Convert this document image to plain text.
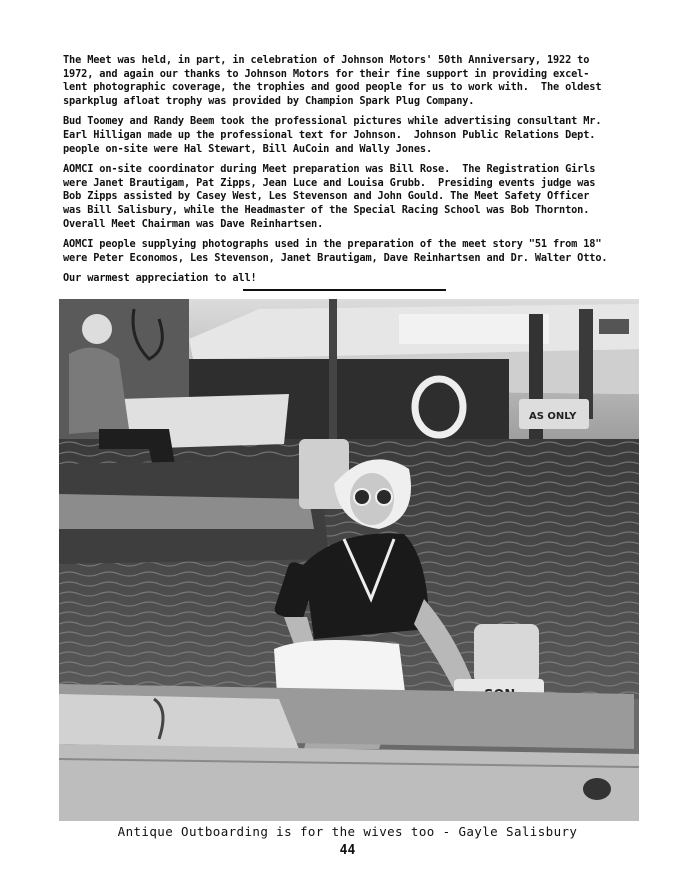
The Meet was held, in part, in celebration of Johnson Motors' 50th Anniversary, 1922 to
1972, and again our thanks to Johnson Motors for their fine support in providing excel-
lent photographic coverage, the trophies and good people for us to work with.  The oldest
sparkplug afloat trophy was provided by Champion Spark Plug Company.

Bud Toomey and Randy Beem took the professional pictures while advertising consultant Mr.
Earl Hilligan made up the professional text for Johnson.  Johnson Public Relations Dept.
people on-site were Hal Stewart, Bill AuCoin and Wally Jones.

AOMCI on-site coordinator during Meet preparation was Bill Rose.  The Registration Girls
were Janet Brautigam, Pat Zipps, Jean Luce and Louisa Grubb.  Presiding events judge was
Bob Zipps assisted by Casey West, Les Stevenson and John Gould. The Meet Safety Officer
was Bill Salisbury, while the Headmaster of the Special Racing School was Bob Thornton.
Overall Meet Chairman was Dave Reinhartsen.

AOMCI people supplying photographs used in the preparation of the meet story "51 from 18"
were Peter Economos, Les Stevenson, Janet Brautigam, Dave Reinhartsen and Dr. Walter Otto.

Our warmest appreciation to all!

AS ONLY
Antique Outboarding is for the wives too - Gayle Salisbury
44
